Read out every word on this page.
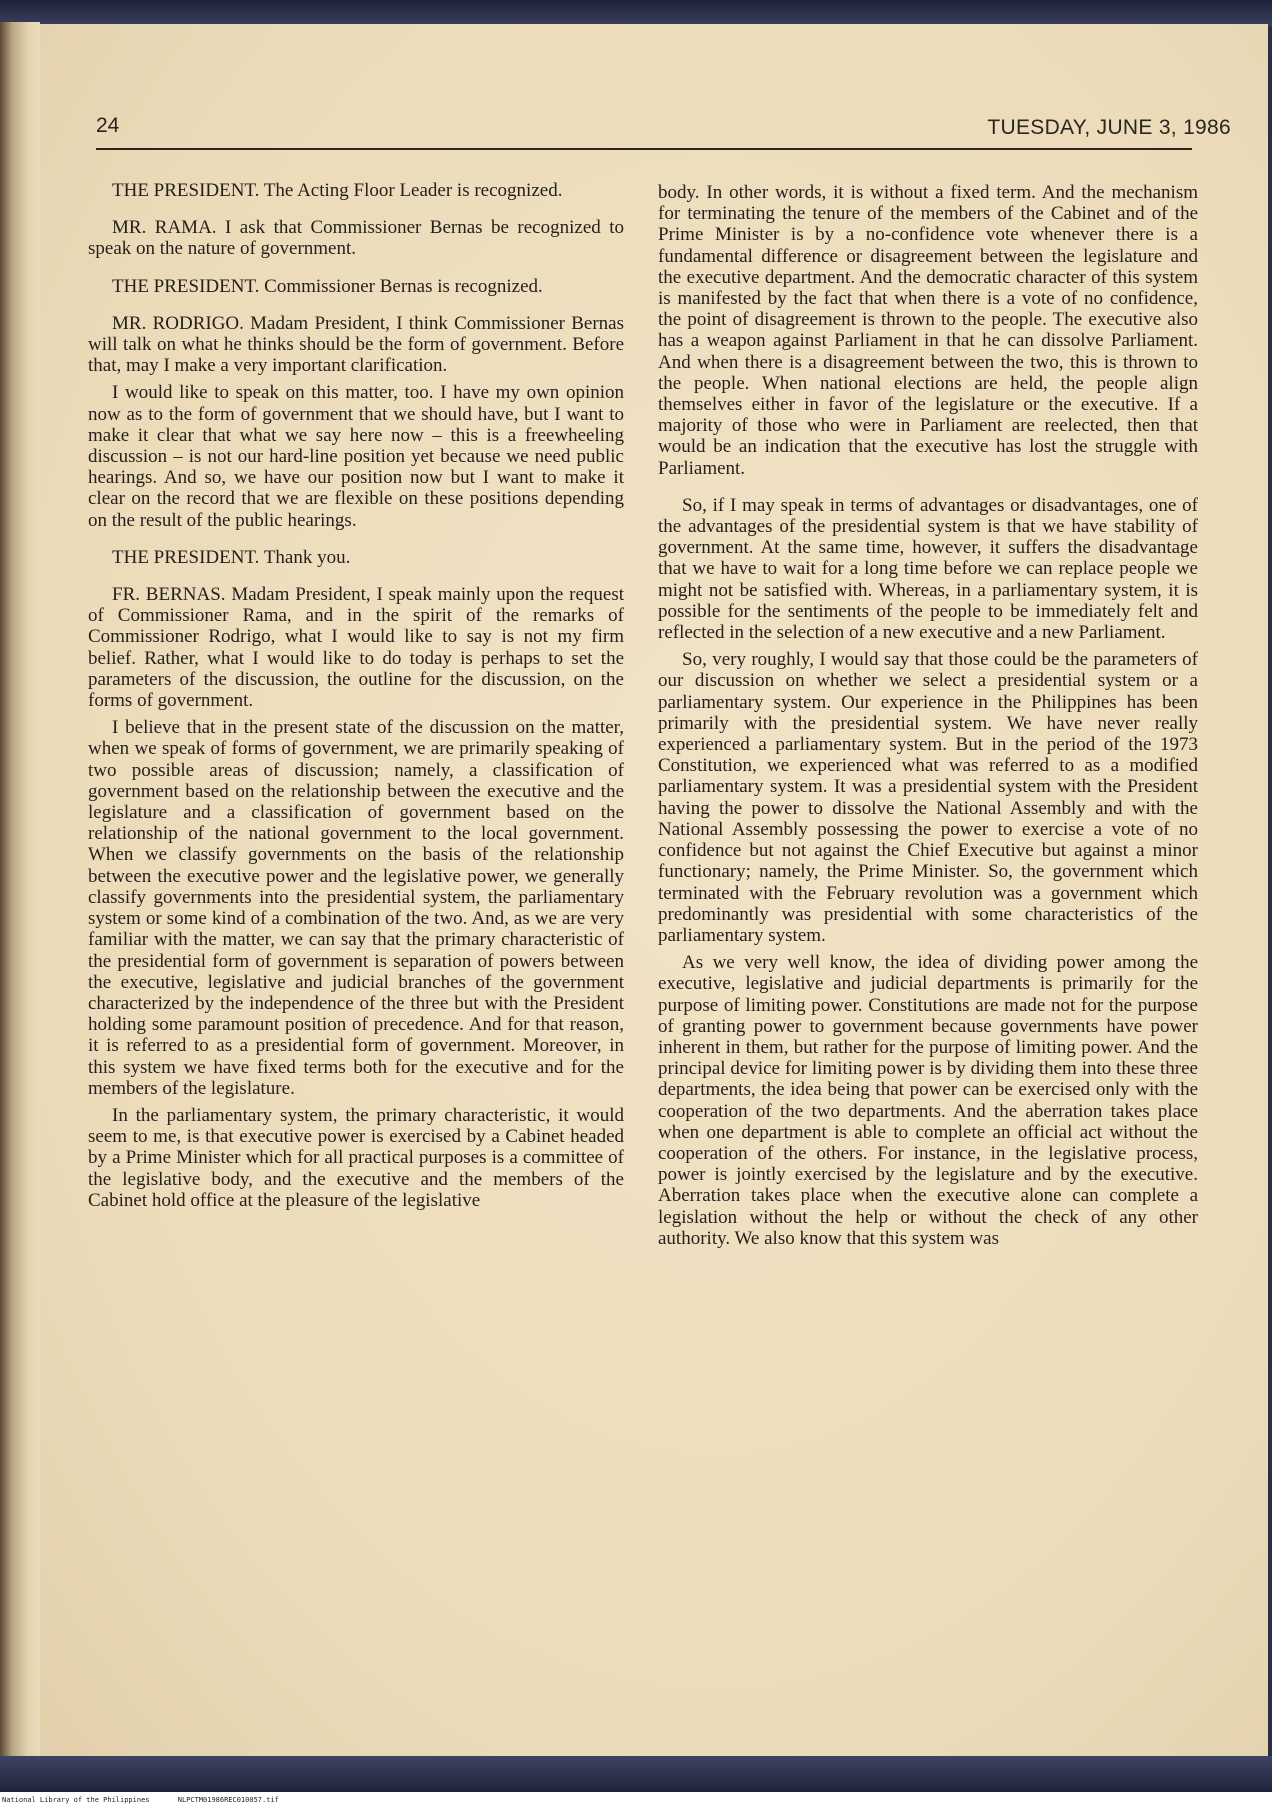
24	TUESDAY, JUNE 3, 1986

THE PRESIDENT. The Acting Floor Leader is recognized.

MR. RAMA. I ask that Commissioner Bernas be recognized to speak on the nature of government.

THE PRESIDENT. Commissioner Bernas is recognized.

MR. RODRIGO. Madam President, I think Commissioner Bernas will talk on what he thinks should be the form of government. Before that, may I make a very important clarification.

I would like to speak on this matter, too. I have my own opinion now as to the form of government that we should have, but I want to make it clear that what we say here now – this is a freewheeling discussion – is not our hard-line position yet because we need public hearings. And so, we have our position now but I want to make it clear on the record that we are flexible on these positions depending on the result of the public hearings.

THE PRESIDENT. Thank you.

FR. BERNAS. Madam President, I speak mainly upon the request of Commissioner Rama, and in the spirit of the remarks of Commissioner Rodrigo, what I would like to say is not my firm belief. Rather, what I would like to do today is perhaps to set the parameters of the discussion, the outline for the discussion, on the forms of government.

I believe that in the present state of the discussion on the matter, when we speak of forms of government, we are primarily speaking of two possible areas of discussion; namely, a classification of government based on the relationship between the executive and the legislature and a classification of government based on the relationship of the national government to the local government. When we classify governments on the basis of the relationship between the executive power and the legislative power, we generally classify governments into the presidential system, the parliamentary system or some kind of a combination of the two. And, as we are very familiar with the matter, we can say that the primary characteristic of the presidential form of government is separation of powers between the executive, legislative and judicial branches of the government characterized by the independence of the three but with the President holding some paramount position of precedence. And for that reason, it is referred to as a presidential form of government. Moreover, in this system we have fixed terms both for the executive and for the members of the legislature.

In the parliamentary system, the primary characteristic, it would seem to me, is that executive power is exercised by a Cabinet headed by a Prime Minister which for all practical purposes is a committee of the legislative body, and the executive and the members of the Cabinet hold office at the pleasure of the legislative

body. In other words, it is without a fixed term. And the mechanism for terminating the tenure of the members of the Cabinet and of the Prime Minister is by a no-confidence vote whenever there is a fundamental difference or disagreement between the legislature and the executive department. And the democratic character of this system is manifested by the fact that when there is a vote of no confidence, the point of disagreement is thrown to the people. The executive also has a weapon against Parliament in that he can dissolve Parliament. And when there is a disagreement between the two, this is thrown to the people. When national elections are held, the people align themselves either in favor of the legislature or the executive. If a majority of those who were in Parliament are reelected, then that would be an indication that the executive has lost the struggle with Parliament.

So, if I may speak in terms of advantages or disadvantages, one of the advantages of the presidential system is that we have stability of government. At the same time, however, it suffers the disadvantage that we have to wait for a long time before we can replace people we might not be satisfied with. Whereas, in a parliamentary system, it is possible for the sentiments of the people to be immediately felt and reflected in the selection of a new executive and a new Parliament.

So, very roughly, I would say that those could be the parameters of our discussion on whether we select a presidential system or a parliamentary system. Our experience in the Philippines has been primarily with the presidential system. We have never really experienced a parliamentary system. But in the period of the 1973 Constitution, we experienced what was referred to as a modified parliamentary system. It was a presidential system with the President having the power to dissolve the National Assembly and with the National Assembly possessing the power to exercise a vote of no confidence but not against the Chief Executive but against a minor functionary; namely, the Prime Minister. So, the government which terminated with the February revolution was a government which predominantly was presidential with some characteristics of the parliamentary system.

As we very well know, the idea of dividing power among the executive, legislative and judicial departments is primarily for the purpose of limiting power. Constitutions are made not for the purpose of granting power to government because governments have power inherent in them, but rather for the purpose of limiting power. And the principal device for limiting power is by dividing them into these three departments, the idea being that power can be exercised only with the cooperation of the two departments. And the aberration takes place when one department is able to complete an official act without the cooperation of the others. For instance, in the legislative process, power is jointly exercised by the legislature and by the executive. Aberration takes place when the executive alone can complete a legislation without the help or without the check of any other authority. We also know that this system was

National Library of the Philippines	NLPCTM01986REC010057.tif
